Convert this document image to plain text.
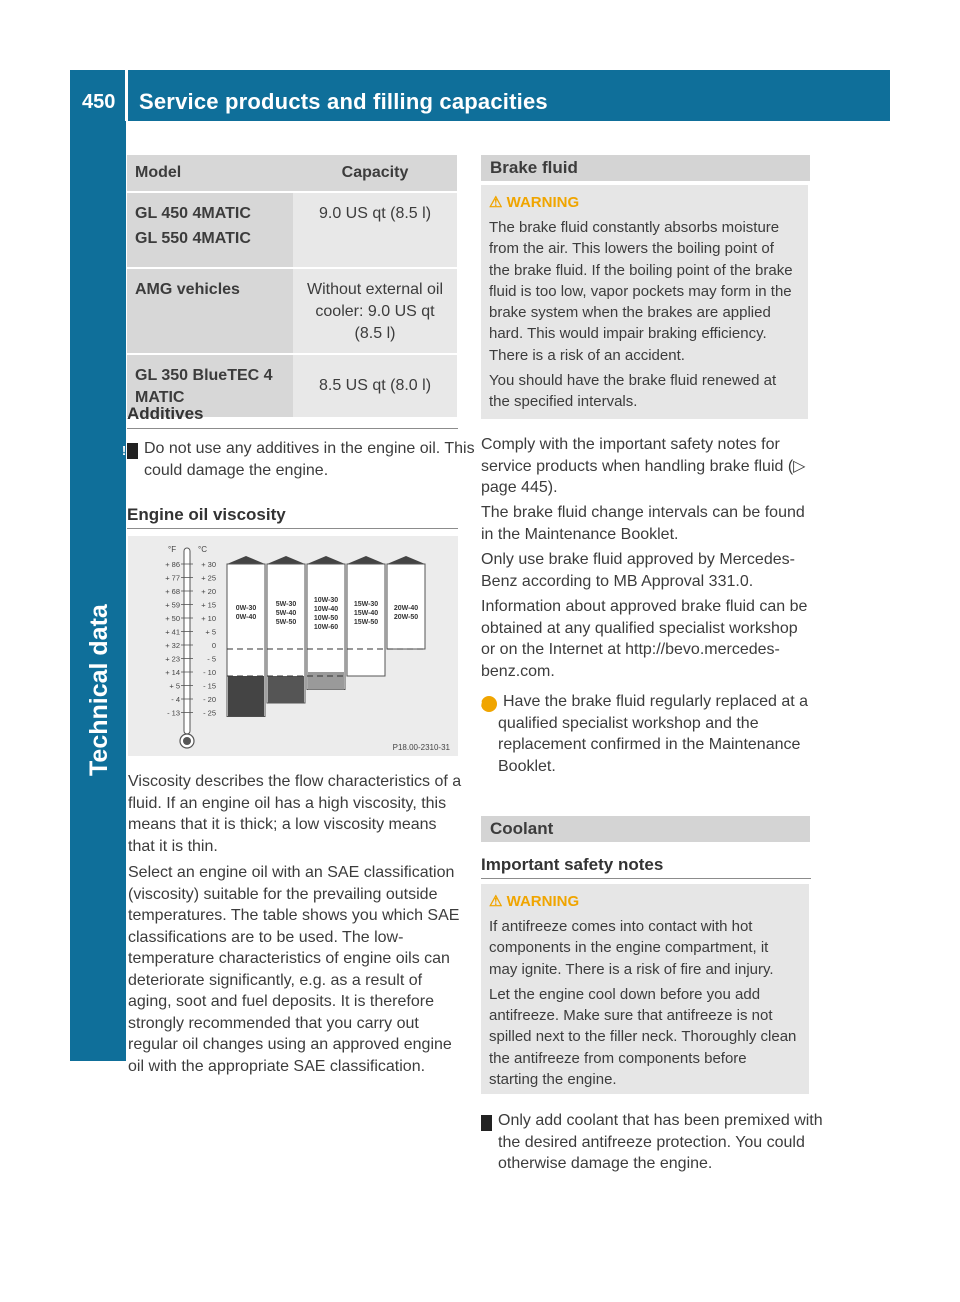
450 Service products and filling capacities
Technical data
Model	Capacity

GL 450 4MATIC
GL 550 4MATIC	9.0 US qt (8.5 l)

AMG vehicles	Without external oil cooler: 9.0 US qt (8.5 l)

GL 350 BlueTEC 4 MATIC	8.5 US qt (8.0 l)
Additives
! Do not use any additives in the engine oil. This could damage the engine.
Engine oil viscosity
°F	°C
+ 86
+ 77
+ 68
+ 59
+ 50
+ 41
+ 32
+ 23
+ 14
+ 5
- 4
- 13
+ 30
+ 25
+ 20
+ 15
+ 10
+ 5
0
- 5
- 10
- 15
- 20
- 25
0W-30
0W-40
5W-30
5W-40
5W-50
10W-30
10W-40
10W-50
10W-60
15W-30
15W-40
15W-50
20W-40
20W-50
P18.00-2310-31
Viscosity describes the flow characteristics of a fluid. If an engine oil has a high viscosity, this means that it is thick; a low viscosity means that it is thin.
Select an engine oil with an SAE classification (viscosity) suitable for the prevailing outside temperatures. The table shows you which SAE classifications are to be used. The low-temperature characteristics of engine oils can deteriorate significantly, e.g. as a result of aging, soot and fuel deposits. It is therefore strongly recommended that you carry out regular oil changes using an approved engine oil with the appropriate SAE classification.
Brake fluid
⚠ WARNING
The brake fluid constantly absorbs moisture from the air. This lowers the boiling point of the brake fluid. If the boiling point of the brake fluid is too low, vapor pockets may form in the brake system when the brakes are applied hard. This would impair braking efficiency. There is a risk of an accident.
You should have the brake fluid renewed at the specified intervals.
Comply with the important safety notes for service products when handling brake fluid (▷ page 445).
The brake fluid change intervals can be found in the Maintenance Booklet.
Only use brake fluid approved by Mercedes-Benz according to MB Approval 331.0.
Information about approved brake fluid can be obtained at any qualified specialist workshop or on the Internet at http://bevo.mercedes-benz.com.
i Have the brake fluid regularly replaced at a qualified specialist workshop and the replacement confirmed in the Maintenance Booklet.
Coolant
Important safety notes
⚠ WARNING
If antifreeze comes into contact with hot components in the engine compartment, it may ignite. There is a risk of fire and injury.
Let the engine cool down before you add antifreeze. Make sure that antifreeze is not spilled next to the filler neck. Thoroughly clean the antifreeze from components before starting the engine.
! Only add coolant that has been premixed with the desired antifreeze protection. You could otherwise damage the engine.
